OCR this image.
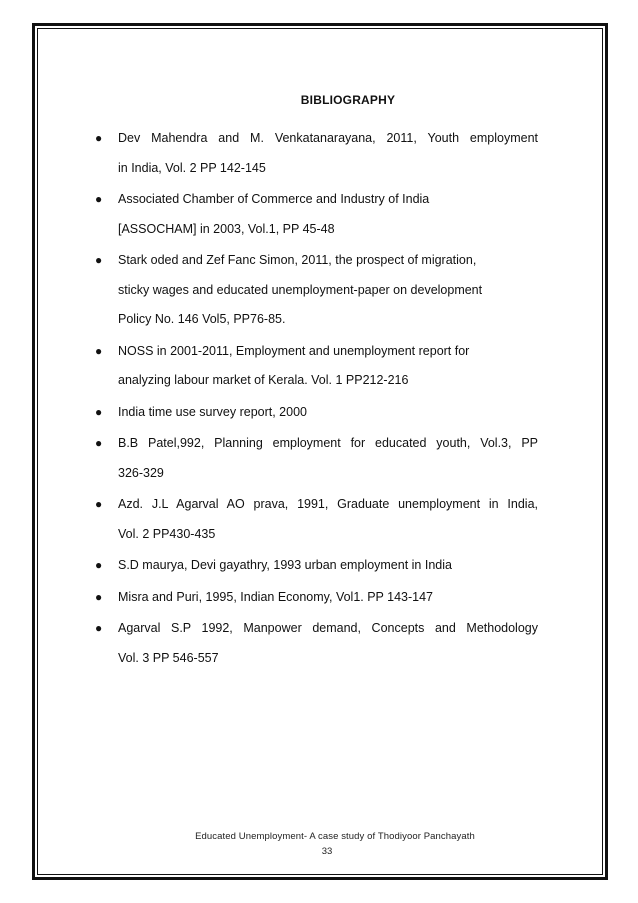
BIBLIOGRAPHY
● Dev Mahendra and M. Venkatanarayana, 2011, Youth employment
in India, Vol. 2 PP 142-145
● Associated Chamber of Commerce and Industry of India
[ASSOCHAM] in 2003, Vol.1, PP 45-48
● Stark oded and Zef Fanc Simon, 2011, the prospect of migration,
sticky wages and educated unemployment-paper on development
Policy No. 146 Vol5, PP76-85.
● NOSS in 2001-2011, Employment and unemployment report for
analyzing labour market of Kerala. Vol. 1 PP212-216
● India time use survey report, 2000
● B.B Patel,992, Planning employment for educated youth, Vol.3, PP
326-329
● Azd. J.L Agarval AO prava, 1991, Graduate unemployment in India,
Vol. 2 PP430-435
● S.D maurya, Devi gayathry, 1993 urban employment in India
● Misra and Puri, 1995, Indian Economy, Vol1. PP 143-147
● Agarval S.P 1992, Manpower demand, Concepts and Methodology
Vol. 3 PP 546-557
Educated Unemployment- A case study of Thodiyoor Panchayath
33
